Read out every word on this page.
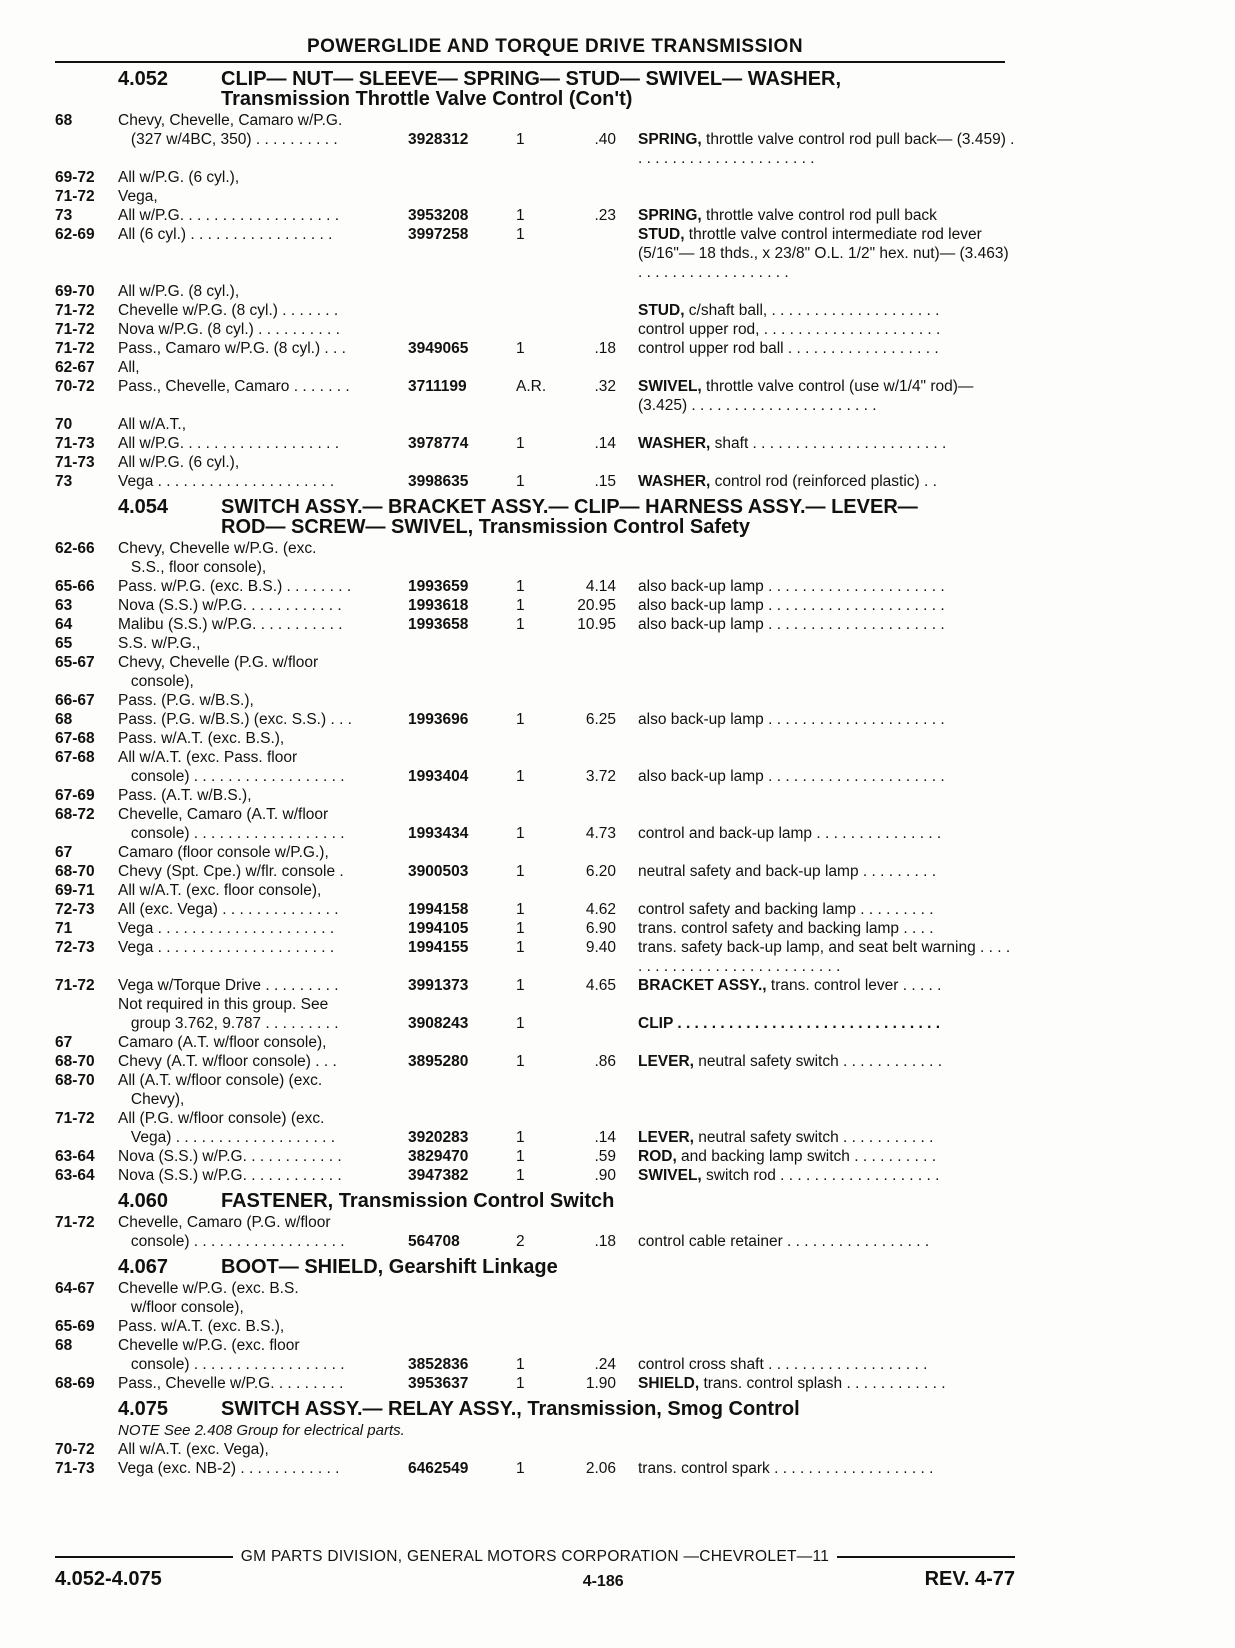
POWERGLIDE AND TORQUE DRIVE TRANSMISSION
4.052	CLIP— NUT— SLEEVE— SPRING— STUD— SWIVEL— WASHER,
Transmission Throttle Valve Control (Con't)
68	Chevy, Chevelle, Camaro w/P.G.
(327 w/4BC, 350) . . . . . . . . . .	3928312	1	.40	SPRING, throttle valve control rod pull back— (3.459) . . . . . . . . . . . . . . . . . . . . . .
69-72	All w/P.G. (6 cyl.),
71-72	Vega,
73	All w/P.G. . . . . . . . . . . . . . . . . . .	3953208	1	.23	SPRING, throttle valve control rod pull back
62-69	All (6 cyl.) . . . . . . . . . . . . . . . . .	3997258	1	STUD, throttle valve control intermediate rod lever (5/16"— 18 thds., x 23/8" O.L. 1/2" hex. nut)— (3.463) . . . . . . . . . . . . . . . . . .
69-70	All w/P.G. (8 cyl.),
71-72	Chevelle w/P.G. (8 cyl.) . . . . . . .	STUD, c/shaft ball, . . . . . . . . . . . . . . . . . . . .
71-72	Nova w/P.G. (8 cyl.) . . . . . . . . . .	control upper rod, . . . . . . . . . . . . . . . . . . . . .
71-72	Pass., Camaro w/P.G. (8 cyl.) . . .	3949065	1	.18	control upper rod ball . . . . . . . . . . . . . . . . . .
62-67	All,
70-72	Pass., Chevelle, Camaro . . . . . . .	3711199	A.R.	.32	SWIVEL, throttle valve control (use w/1/4" rod)— (3.425) . . . . . . . . . . . . . . . . . . . . . .
70	All w/A.T.,
71-73	All w/P.G. . . . . . . . . . . . . . . . . . .	3978774	1	.14	WASHER, shaft . . . . . . . . . . . . . . . . . . . . . . .
71-73	All w/P.G. (6 cyl.),
73	Vega . . . . . . . . . . . . . . . . . . . . .	3998635	1	.15	WASHER, control rod (reinforced plastic) . .
4.054	SWITCH ASSY.— BRACKET ASSY.— CLIP— HARNESS ASSY.— LEVER—
ROD— SCREW— SWIVEL, Transmission Control Safety
62-66	Chevy, Chevelle w/P.G. (exc.
S.S., floor console),
65-66	Pass. w/P.G. (exc. B.S.) . . . . . . . .	1993659	1	4.14	also back-up lamp . . . . . . . . . . . . . . . . . . . . .
63	Nova (S.S.) w/P.G. . . . . . . . . . . .	1993618	1	20.95	also back-up lamp . . . . . . . . . . . . . . . . . . . . .
64	Malibu (S.S.) w/P.G. . . . . . . . . . .	1993658	1	10.95	also back-up lamp . . . . . . . . . . . . . . . . . . . . .
65	S.S. w/P.G.,
65-67	Chevy, Chevelle (P.G. w/floor
console),
66-67	Pass. (P.G. w/B.S.),
68	Pass. (P.G. w/B.S.) (exc. S.S.) . . .	1993696	1	6.25	also back-up lamp . . . . . . . . . . . . . . . . . . . . .
67-68	Pass. w/A.T. (exc. B.S.),
67-68	All w/A.T. (exc. Pass. floor
console) . . . . . . . . . . . . . . . . . .	1993404	1	3.72	also back-up lamp . . . . . . . . . . . . . . . . . . . . .
67-69	Pass. (A.T. w/B.S.),
68-72	Chevelle, Camaro (A.T. w/floor
console) . . . . . . . . . . . . . . . . . .	1993434	1	4.73	control and back-up lamp . . . . . . . . . . . . . . .
67	Camaro (floor console w/P.G.),
68-70	Chevy (Spt. Cpe.) w/flr. console .	3900503	1	6.20	neutral safety and back-up lamp . . . . . . . . .
69-71	All w/A.T. (exc. floor console),
72-73	All (exc. Vega) . . . . . . . . . . . . . .	1994158	1	4.62	control safety and backing lamp . . . . . . . . .
71	Vega . . . . . . . . . . . . . . . . . . . . .	1994105	1	6.90	trans. control safety and backing lamp . . . .
72-73	Vega . . . . . . . . . . . . . . . . . . . . .	1994155	1	9.40	trans. safety back-up lamp, and seat belt warning . . . . . . . . . . . . . . . . . . . . . . . . . . . .
71-72	Vega w/Torque Drive . . . . . . . . .	3991373	1	4.65	BRACKET ASSY., trans. control lever . . . . .
Not required in this group. See
group 3.762, 9.787 . . . . . . . . .	3908243	1	CLIP . . . . . . . . . . . . . . . . . . . . . . . . . . . . . . .
67	Camaro (A.T. w/floor console),
68-70	Chevy (A.T. w/floor console) . . .	3895280	1	.86	LEVER, neutral safety switch . . . . . . . . . . . .
68-70	All (A.T. w/floor console) (exc.
Chevy),
71-72	All (P.G. w/floor console) (exc.
Vega) . . . . . . . . . . . . . . . . . . .	3920283	1	.14	LEVER, neutral safety switch . . . . . . . . . . .
63-64	Nova (S.S.) w/P.G. . . . . . . . . . . .	3829470	1	.59	ROD, and backing lamp switch . . . . . . . . . .
63-64	Nova (S.S.) w/P.G. . . . . . . . . . . .	3947382	1	.90	SWIVEL, switch rod . . . . . . . . . . . . . . . . . . .
4.060	FASTENER, Transmission Control Switch
71-72	Chevelle, Camaro (P.G. w/floor
console) . . . . . . . . . . . . . . . . . .	564708	2	.18	control cable retainer . . . . . . . . . . . . . . . . .
4.067	BOOT— SHIELD, Gearshift Linkage
64-67	Chevelle w/P.G. (exc. B.S.
w/floor console),
65-69	Pass. w/A.T. (exc. B.S.),
68	Chevelle w/P.G. (exc. floor
console) . . . . . . . . . . . . . . . . . .	3852836	1	.24	control cross shaft . . . . . . . . . . . . . . . . . . .
68-69	Pass., Chevelle w/P.G. . . . . . . . .	3953637	1	1.90	SHIELD, trans. control splash . . . . . . . . . . . .
4.075	SWITCH ASSY.— RELAY ASSY., Transmission, Smog Control
NOTE See 2.408 Group for electrical parts.
70-72	All w/A.T. (exc. Vega),
71-73	Vega (exc. NB-2) . . . . . . . . . . . .	6462549	1	2.06	trans. control spark . . . . . . . . . . . . . . . . . . .
GM PARTS DIVISION, GENERAL MOTORS CORPORATION —CHEVROLET—11
4.052-4.075	4-186	REV. 4-77
